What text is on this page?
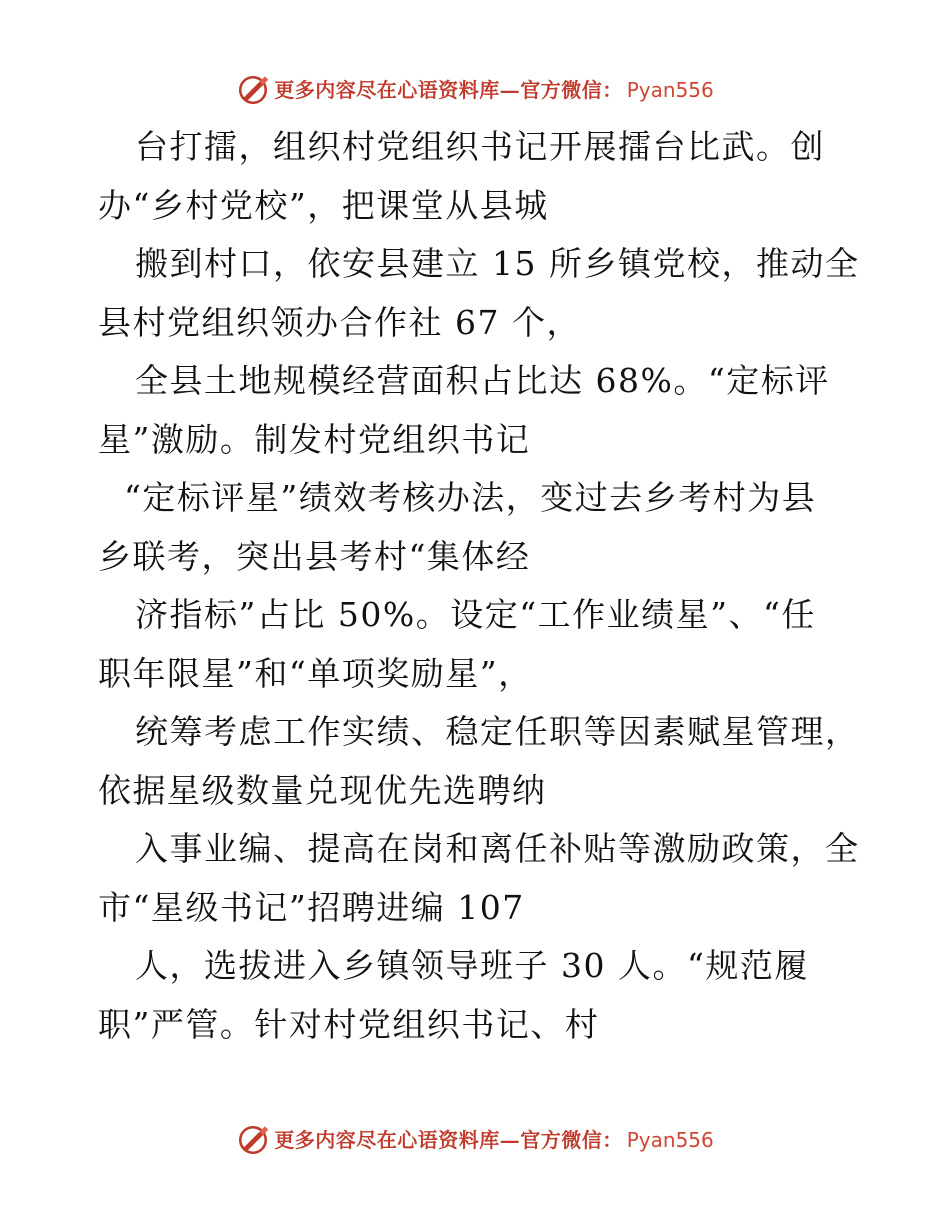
更多内容尽在心语资料库—官方微信： Pyan556
台打擂，组织村党组织书记开展擂台比武。创
办“乡村党校”，把课堂从县城
搬到村口，依安县建立 15 所乡镇党校，推动全
县村党组织领办合作社 67 个，
全县土地规模经营面积占比达 68%。“定标评
星”激励。制发村党组织书记
“定标评星”绩效考核办法，变过去乡考村为县
乡联考，突出县考村“集体经
济指标”占比 50%。设定“工作业绩星”、“任
职年限星”和“单项奖励星”，
统筹考虑工作实绩、稳定任职等因素赋星管理，
依据星级数量兑现优先选聘纳
入事业编、提高在岗和离任补贴等激励政策，全
市“星级书记”招聘进编 107
人，选拔进入乡镇领导班子 30 人。“规范履
职”严管。针对村党组织书记、村
更多内容尽在心语资料库—官方微信： Pyan556
